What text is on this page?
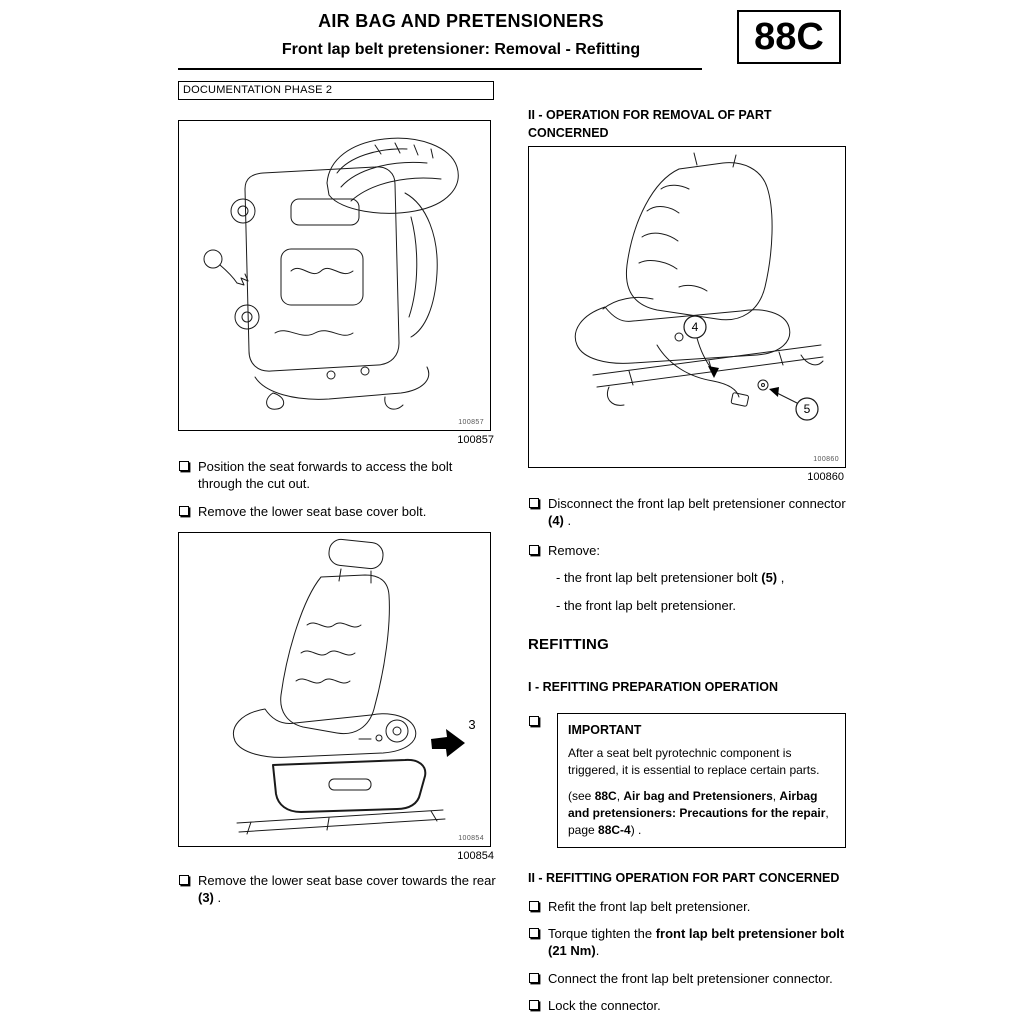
AIR BAG AND PRETENSIONERS
Front lap belt pretensioner: Removal - Refitting	88C
DOCUMENTATION PHASE 2
100857
100857
Position the seat forwards to access the bolt through the cut out.
Remove the lower seat base cover bolt.
3
100854
100854
Remove the lower seat base cover towards the rear (3) .
II - OPERATION FOR REMOVAL OF PART CONCERNED
4
5
100860
100860
Disconnect the front lap belt pretensioner connector (4) .
Remove:
- the front lap belt pretensioner bolt (5) ,
- the front lap belt pretensioner.
REFITTING
I - REFITTING PREPARATION OPERATION
IMPORTANT
After a seat belt pyrotechnic component is triggered, it is essential to replace certain parts.
(see 88C, Air bag and Pretensioners, Airbag and pretensioners: Precautions for the repair, page 88C-4) .
II - REFITTING OPERATION FOR PART CONCERNED
Refit the front lap belt pretensioner.
Torque tighten the front lap belt pretensioner bolt (21 Nm).
Connect the front lap belt pretensioner connector.
Lock the connector.
